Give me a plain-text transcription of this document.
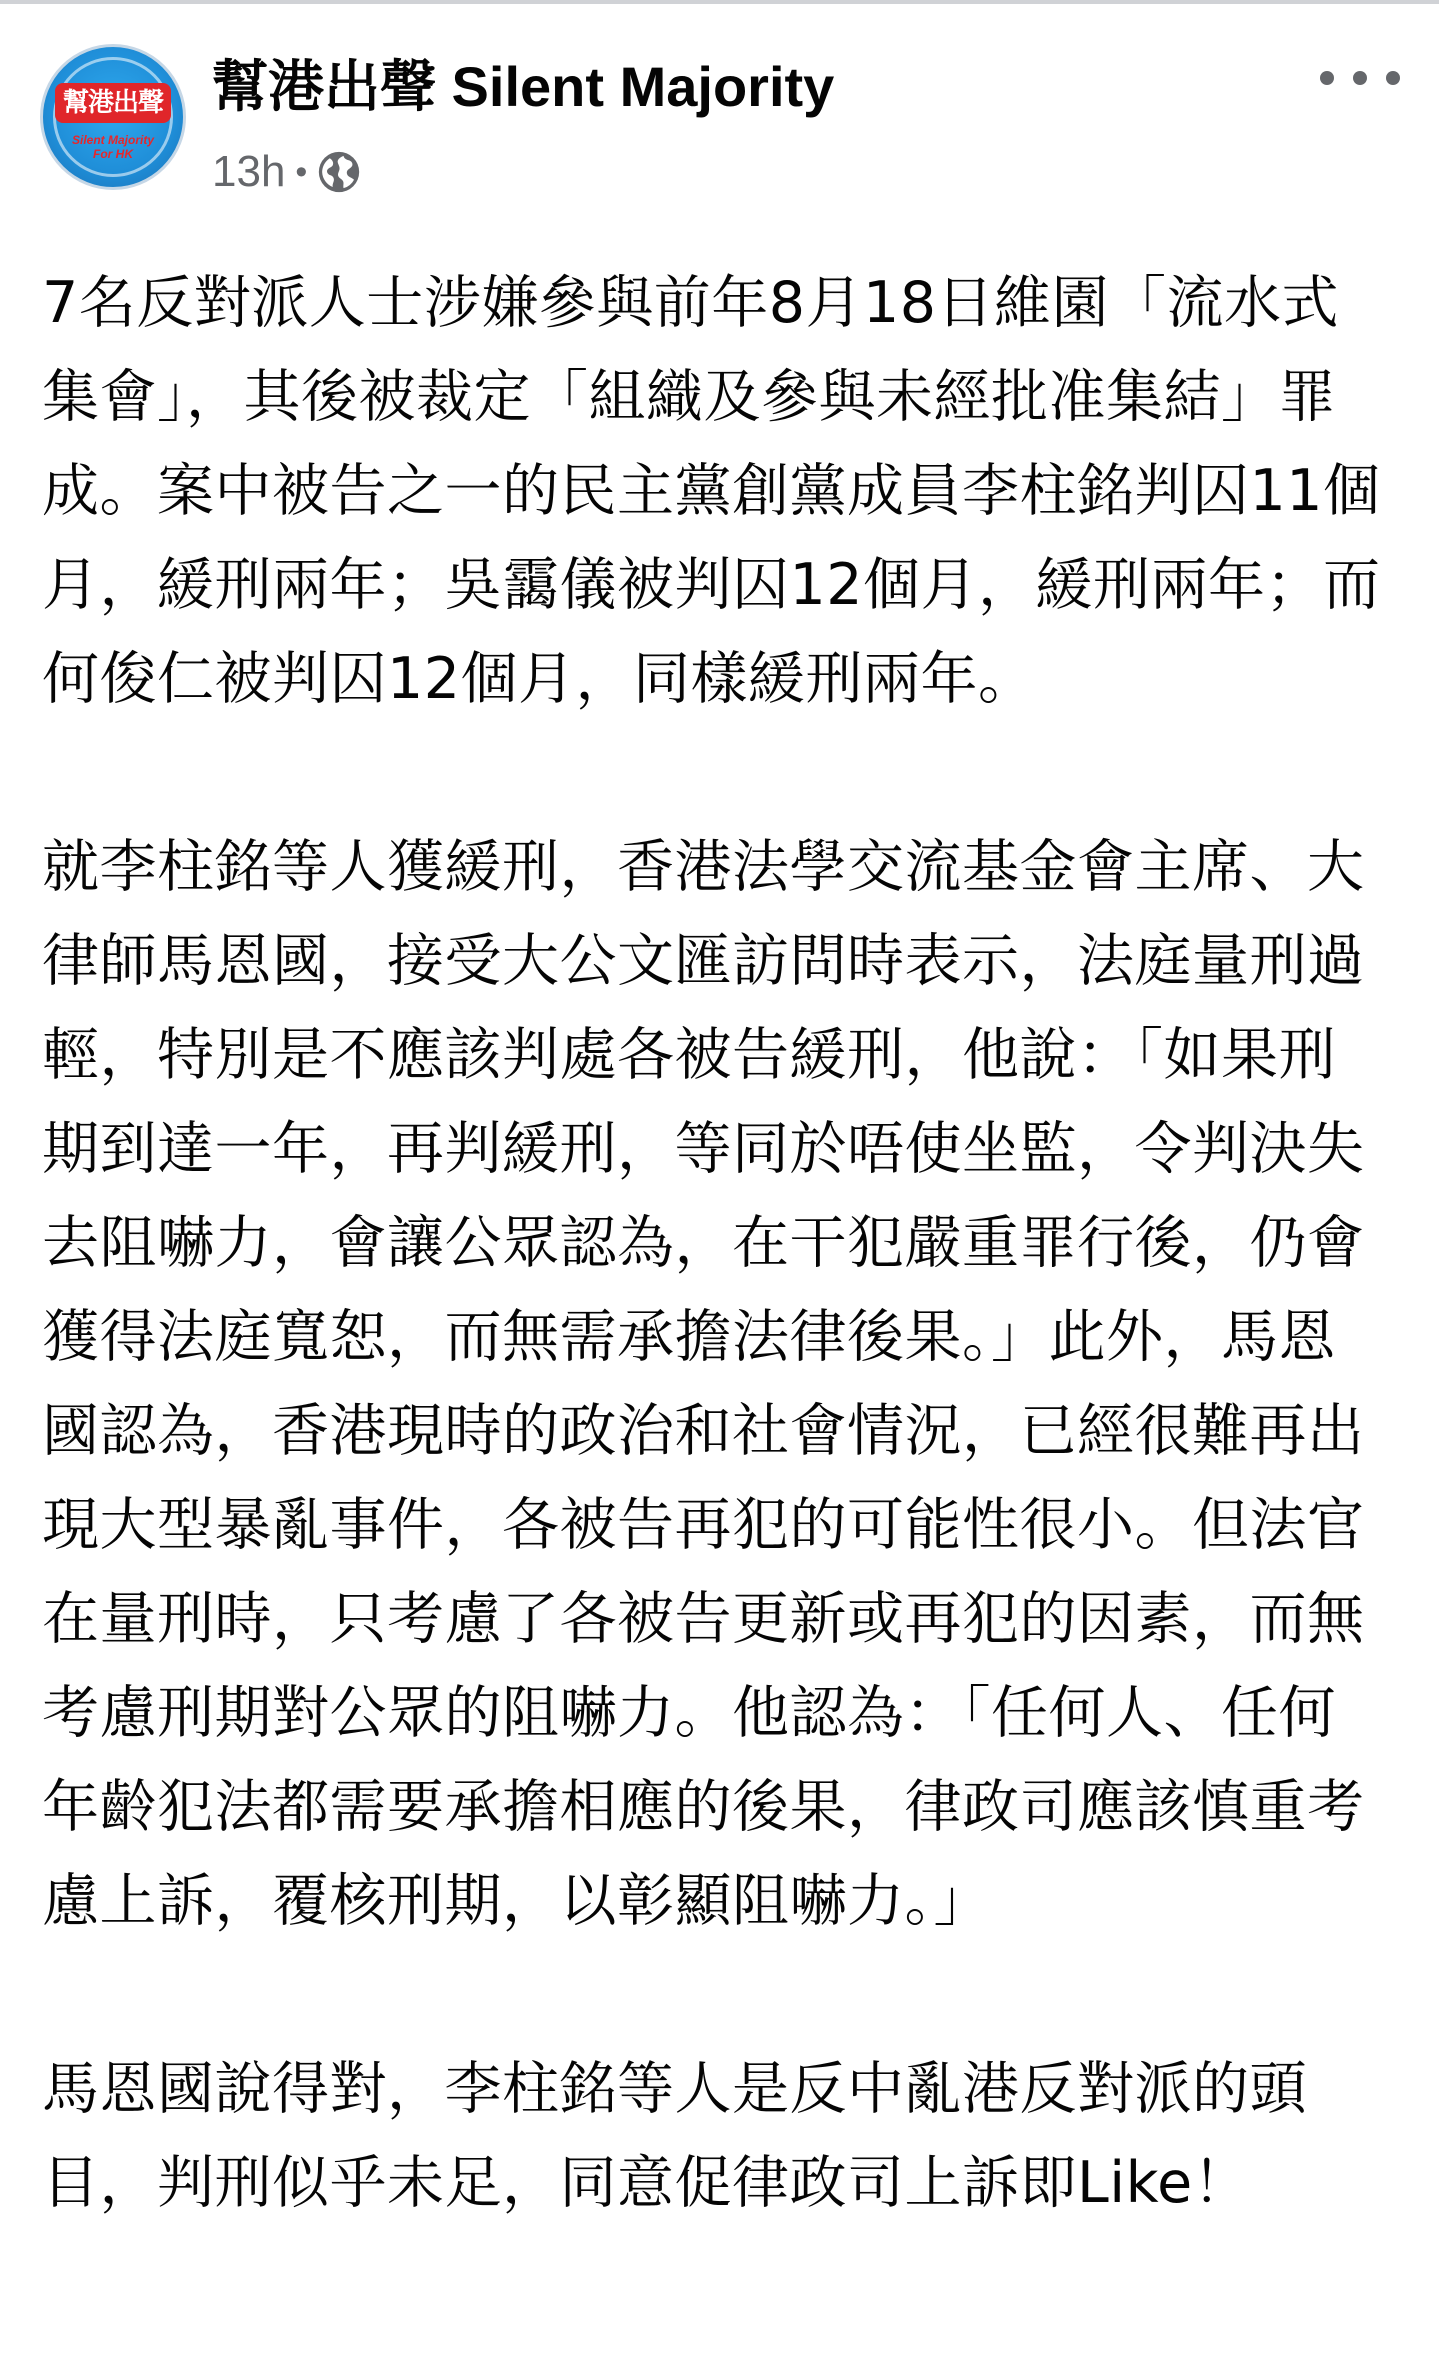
幫港出聲
Silent Majority
For HK
幫港出聲 Silent Majority
13h •

7名反對派人士涉嫌參與前年8月18日維園「流水式集會」，其後被裁定「組織及參與未經批准集結」罪成。案中被告之一的民主黨創黨成員李柱銘判囚11個月，緩刑兩年；吳靄儀被判囚12個月，緩刑兩年；而何俊仁被判囚12個月，同樣緩刑兩年。

就李柱銘等人獲緩刑，香港法學交流基金會主席、大律師馬恩國，接受大公文匯訪問時表示，法庭量刑過輕，特別是不應該判處各被告緩刑，他說：「如果刑期到達一年，再判緩刑，等同於唔使坐監，令判決失去阻嚇力，會讓公眾認為，在干犯嚴重罪行後，仍會獲得法庭寬恕，而無需承擔法律後果。」此外，馬恩國認為，香港現時的政治和社會情況，已經很難再出現大型暴亂事件，各被告再犯的可能性很小。但法官在量刑時，只考慮了各被告更新或再犯的因素，而無考慮刑期對公眾的阻嚇力。他認為：「任何人、任何年齡犯法都需要承擔相應的後果，律政司應該慎重考慮上訴，覆核刑期，以彰顯阻嚇力。」

馬恩國說得對，李柱銘等人是反中亂港反對派的頭目，判刑似乎未足，同意促律政司上訴即Like！
